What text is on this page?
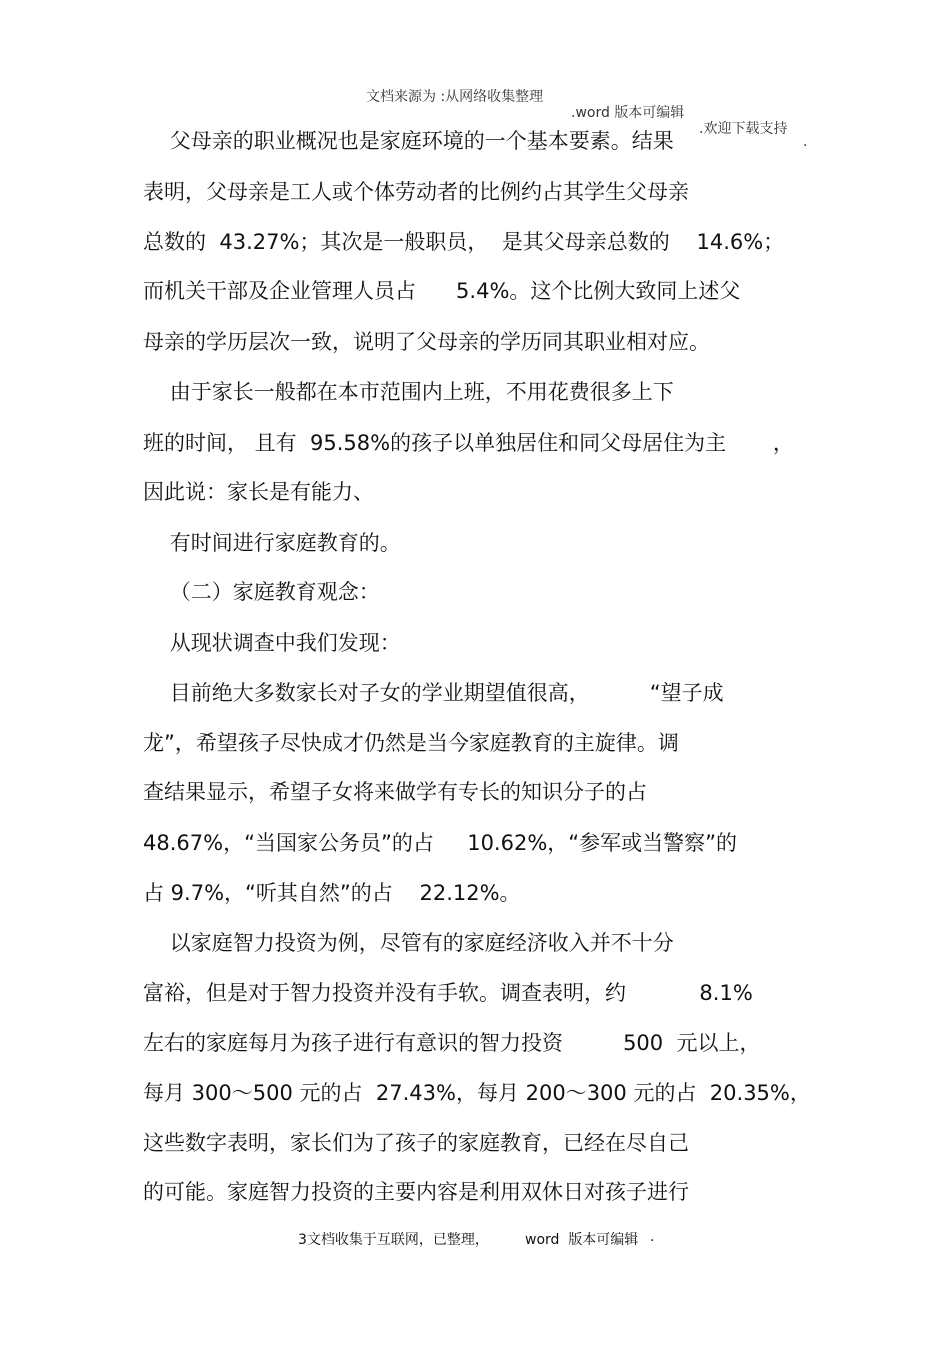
文档来源为 :从网络收集整理

.word 版本可编辑

.欢迎下载支持

.

父母亲的职业概况也是家庭环境的一个基本要素。结果
表明，父母亲是工人或个体劳动者的比例约占其学生父母亲
总数的  43.27%；其次是一般职员，  是其父母亲总数的    14.6%；
而机关干部及企业管理人员占      5.4%。这个比例大致同上述父
母亲的学历层次一致，说明了父母亲的学历同其职业相对应。
由于家长一般都在本市范围内上班，不用花费很多上下
班的时间， 且有  95.58%的孩子以单独居住和同父母居住为主       ，
因此说：家长是有能力、
有时间进行家庭教育的。
（二）家庭教育观念：
从现状调查中我们发现：
目前绝大多数家长对子女的学业期望值很高，         “望子成
龙”，希望孩子尽快成才仍然是当今家庭教育的主旋律。调
查结果显示，希望子女将来做学有专长的知识分子的占
48.67%，“当国家公务员”的占     10.62%，“参军或当警察”的
占 9.7%，“听其自然”的占    22.12%。
以家庭智力投资为例，尽管有的家庭经济收入并不十分
富裕，但是对于智力投资并没有手软。调查表明，约           8.1%
左右的家庭每月为孩子进行有意识的智力投资         500  元以上，
每月 300～500 元的占  27.43%，每月 200～300 元的占  20.35%，
这些数字表明，家长们为了孩子的家庭教育，已经在尽自己
的可能。家庭智力投资的主要内容是利用双休日对孩子进行
3文档收集于互联网，已整理，	word  版本可编辑 .
